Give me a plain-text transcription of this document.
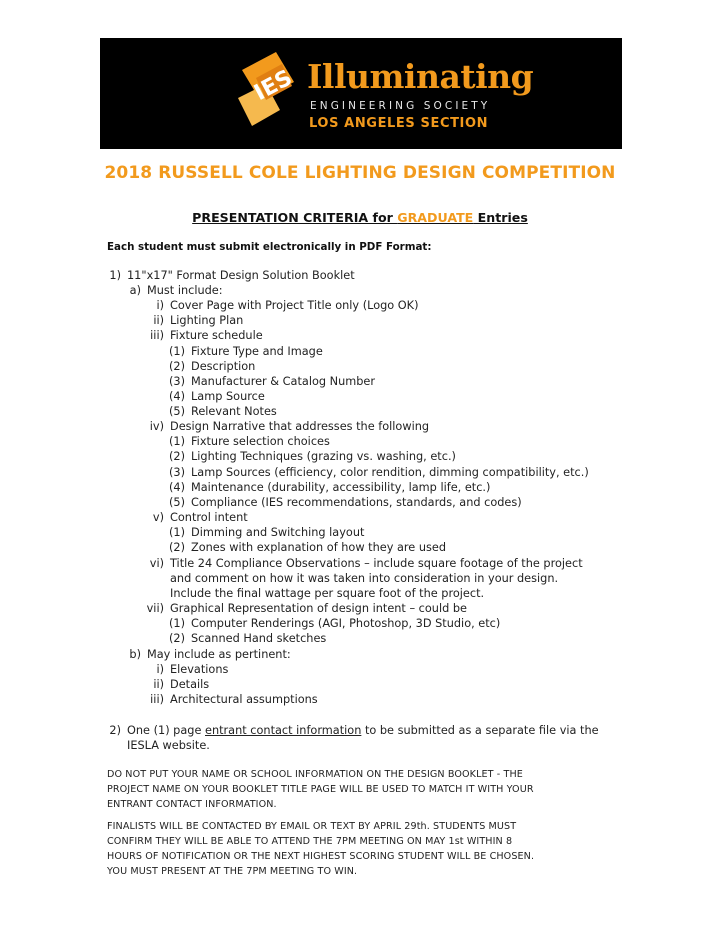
IES Illuminating
ENGINEERING SOCIETY
LOS ANGELES SECTION
2018 RUSSELL COLE LIGHTING DESIGN COMPETITION
PRESENTATION CRITERIA for GRADUATE Entries
Each student must submit electronically in PDF Format:
1) 11"x17" Format Design Solution Booklet
a) Must include:
i) Cover Page with Project Title only (Logo OK)
ii) Lighting Plan
iii) Fixture schedule
(1) Fixture Type and Image
(2) Description
(3) Manufacturer & Catalog Number
(4) Lamp Source
(5) Relevant Notes
iv) Design Narrative that addresses the following
(1) Fixture selection choices
(2) Lighting Techniques (grazing vs. washing, etc.)
(3) Lamp Sources (efficiency, color rendition, dimming compatibility, etc.)
(4) Maintenance (durability, accessibility, lamp life, etc.)
(5) Compliance (IES recommendations, standards, and codes)
v) Control intent
(1) Dimming and Switching layout
(2) Zones with explanation of how they are used
vi) Title 24 Compliance Observations – include square footage of the project
and comment on how it was taken into consideration in your design.
Include the final wattage per square foot of the project.
vii) Graphical Representation of design intent – could be
(1) Computer Renderings (AGI, Photoshop, 3D Studio, etc)
(2) Scanned Hand sketches
b) May include as pertinent:
i) Elevations
ii) Details
iii) Architectural assumptions
2) One (1) page entrant contact information to be submitted as a separate file via the
IESLA website.
DO NOT PUT YOUR NAME OR SCHOOL INFORMATION ON THE DESIGN BOOKLET - THE
PROJECT NAME ON YOUR BOOKLET TITLE PAGE WILL BE USED TO MATCH IT WITH YOUR
ENTRANT CONTACT INFORMATION.
FINALISTS WILL BE CONTACTED BY EMAIL OR TEXT BY APRIL 29th. STUDENTS MUST
CONFIRM THEY WILL BE ABLE TO ATTEND THE 7PM MEETING ON MAY 1st WITHIN 8
HOURS OF NOTIFICATION OR THE NEXT HIGHEST SCORING STUDENT WILL BE CHOSEN.
YOU MUST PRESENT AT THE 7PM MEETING TO WIN.
